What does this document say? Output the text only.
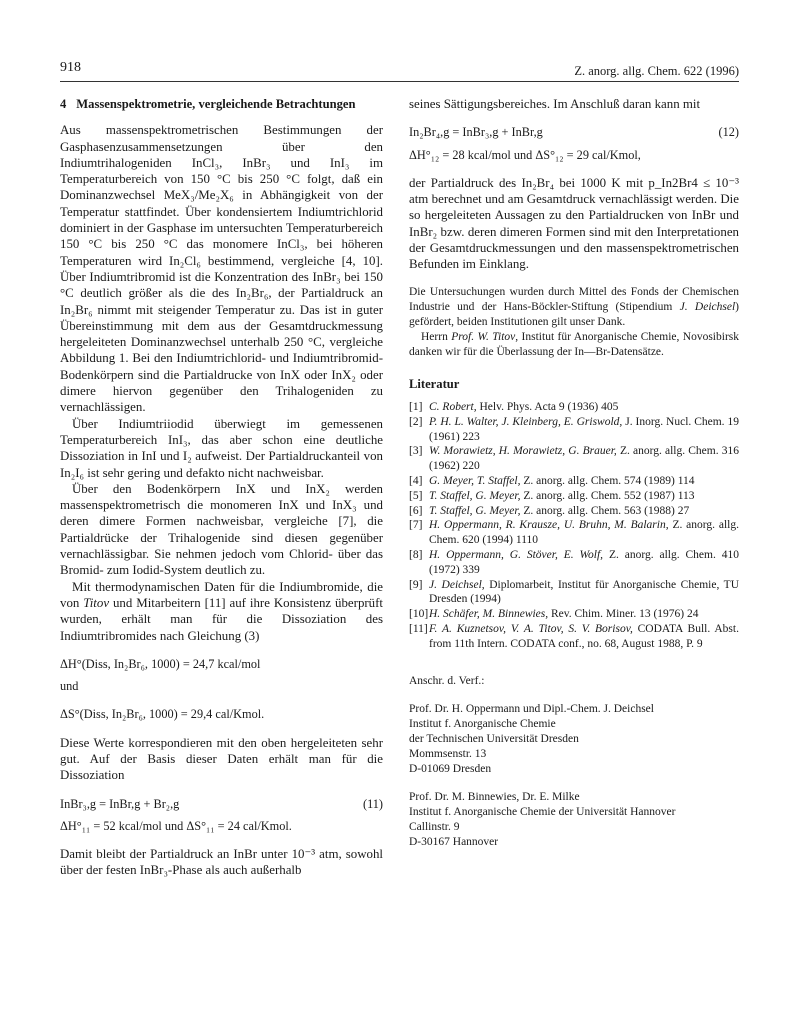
918	Z. anorg. allg. Chem. 622 (1996)
4 Massenspektrometrie, vergleichende Betrachtungen

Aus massenspektrometrischen Bestimmungen der Gasphasenzusammensetzungen über den Indiumtrihalogeniden InCl₃, InBr₃ und InI₃ im Temperaturbereich von 150 °C bis 250 °C folgt, daß ein Dominanzwechsel MeX₃/Me₂X₆ in Abhängigkeit von der Temperatur stattfindet. Über kondensiertem Indiumtrichlorid dominiert in der Gasphase im untersuchten Temperaturbereich 150 °C bis 250 °C das monomere InCl₃, bei höheren Temperaturen wird In₂Cl₆ bestimmend, vergleiche [4, 10]. Über Indiumtribromid ist die Konzentration des InBr₃ bei 150 °C deutlich größer als die des In₂Br₆, der Partialdruck an In₂Br₆ nimmt mit steigender Temperatur zu. Das ist in guter Übereinstimmung mit dem aus der Gesamtdruckmessung hergeleiteten Dominanzwechsel unterhalb 250 °C, vergleiche Abbildung 1. Bei den Indiumtrichlorid- und Indiumtribromid-Bodenkörpern sind die Partialdrucke von InX oder InX₂ oder dimere hiervon gegenüber den Trihalogeniden zu vernachlässigen.

Über Indiumtriiodid überwiegt im gemessenen Temperaturbereich InI₃, das aber schon eine deutliche Dissoziation in InI und I₂ aufweist. Der Partialdruckanteil von In₂I₆ ist sehr gering und defakto nicht nachweisbar.

Über den Bodenkörpern InX und InX₂ werden massenspektrometrisch die monomeren InX und InX₃ und deren dimere Formen nachweisbar, vergleiche [7], die Partialdrücke der Trihalogenide sind diesen gegenüber vernachlässigbar. Sie nehmen jedoch vom Chlorid- über das Bromid- zum Iodid-System deutlich zu.

Mit thermodynamischen Daten für die Indiumbromide, die von Titov und Mitarbeitern [11] auf ihre Konsistenz überprüft wurden, erhält man für die Dissoziation des Indiumtribromides nach Gleichung (3)

ΔH°(Diss, In₂Br₆, 1000) = 24,7 kcal/mol

und

ΔS°(Diss, In₂Br₆, 1000) = 29,4 cal/Kmol.

Diese Werte korrespondieren mit den oben hergeleiteten sehr gut. Auf der Basis dieser Daten erhält man für die Dissoziation

InBr₃,g = InBr,g + Br₂,g	(11)

ΔH°₁₁ = 52 kcal/mol und ΔS°₁₁ = 24 cal/Kmol.

Damit bleibt der Partialdruck an InBr unter 10⁻³ atm, sowohl über der festen InBr₃-Phase als auch außerhalb

seines Sättigungsbereiches. Im Anschluß daran kann mit

In₂Br₄,g = InBr₃,g + InBr,g	(12)

ΔH°₁₂ = 28 kcal/mol und ΔS°₁₂ = 29 cal/Kmol,

der Partialdruck des In₂Br₄ bei 1000 K mit p_In2Br4 ≤ 10⁻³ atm berechnet und am Gesamtdruck vernachlässigt werden. Die so hergeleiteten Aussagen zu den Partialdrucken von InBr und InBr₂ bzw. deren dimeren Formen sind mit den Interpretationen der Gesamtdruckmessungen und den massenspektrometrischen Befunden im Einklang.

Die Untersuchungen wurden durch Mittel des Fonds der Chemischen Industrie und der Hans-Böckler-Stiftung (Stipendium J. Deichsel) gefördert, beiden Institutionen gilt unser Dank.

Herrn Prof. W. Titov, Institut für Anorganische Chemie, Novosibirsk danken wir für die Überlassung der In—Br-Datensätze.

Literatur
[1] C. Robert, Helv. Phys. Acta 9 (1936) 405
[2] P. H. L. Walter, J. Kleinberg, E. Griswold, J. Inorg. Nucl. Chem. 19 (1961) 223
[3] W. Morawietz, H. Morawietz, G. Brauer, Z. anorg. allg. Chem. 316 (1962) 220
[4] G. Meyer, T. Staffel, Z. anorg. allg. Chem. 574 (1989) 114
[5] T. Staffel, G. Meyer, Z. anorg. allg. Chem. 552 (1987) 113
[6] T. Staffel, G. Meyer, Z. anorg. allg. Chem. 563 (1988) 27
[7] H. Oppermann, R. Krausze, U. Bruhn, M. Balarin, Z. anorg. allg. Chem. 620 (1994) 1110
[8] H. Oppermann, G. Stöver, E. Wolf, Z. anorg. allg. Chem. 410 (1972) 339
[9] J. Deichsel, Diplomarbeit, Institut für Anorganische Chemie, TU Dresden (1994)
[10] H. Schäfer, M. Binnewies, Rev. Chim. Miner. 13 (1976) 24
[11] F. A. Kuznetsov, V. A. Titov, S. V. Borisov, CODATA Bull. Abst. from 11th Intern. CODATA conf., no. 68, August 1988, P. 9
Anschr. d. Verf.:
Prof. Dr. H. Oppermann und Dipl.-Chem. J. Deichsel
Institut f. Anorganische Chemie
der Technischen Universität Dresden
Mommsenstr. 13
D-01069 Dresden
Prof. Dr. M. Binnewies, Dr. E. Milke
Institut f. Anorganische Chemie der Universität Hannover
Callinstr. 9
D-30167 Hannover
